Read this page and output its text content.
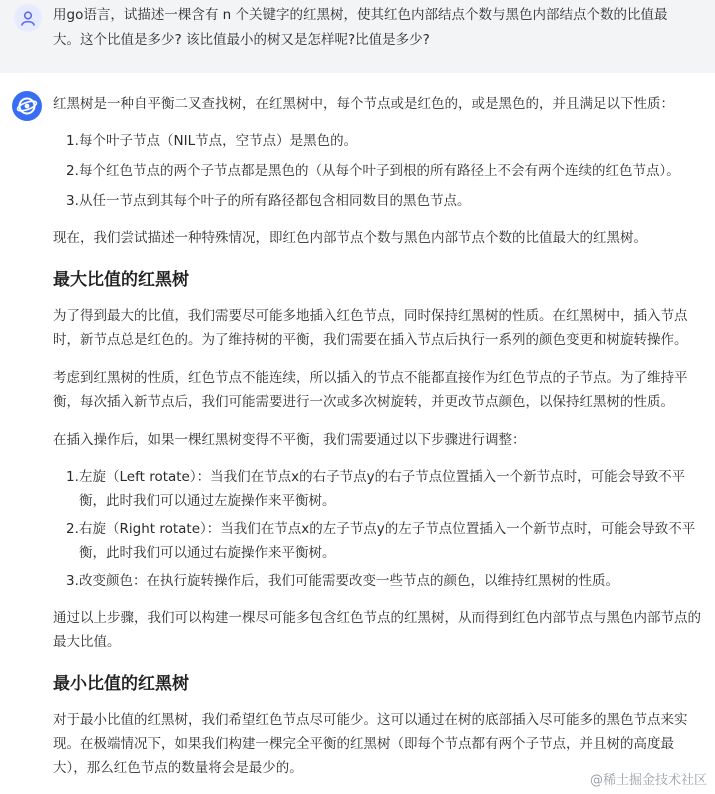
用go语言，试描述一棵含有 n 个关键字的红黑树，使其红色内部结点个数与黑色内部结点个数的比值最大。这个比值是多少? 该比值最小的树又是怎样呢?比值是多少?

红黑树是一种自平衡二叉查找树，在红黑树中，每个节点或是红色的，或是黑色的，并且满足以下性质：

1. 每个叶子节点（NIL节点，空节点）是黑色的。
2. 每个红色节点的两个子节点都是黑色的（从每个叶子到根的所有路径上不会有两个连续的红色节点）。
3. 从任一节点到其每个叶子的所有路径都包含相同数目的黑色节点。

现在，我们尝试描述一种特殊情况，即红色内部节点个数与黑色内部节点个数的比值最大的红黑树。

最大比值的红黑树

为了得到最大的比值，我们需要尽可能多地插入红色节点，同时保持红黑树的性质。在红黑树中，插入节点时，新节点总是红色的。为了维持树的平衡，我们需要在插入节点后执行一系列的颜色变更和树旋转操作。

考虑到红黑树的性质，红色节点不能连续，所以插入的节点不能都直接作为红色节点的子节点。为了维持平衡，每次插入新节点后，我们可能需要进行一次或多次树旋转，并更改节点颜色，以保持红黑树的性质。

在插入操作后，如果一棵红黑树变得不平衡，我们需要通过以下步骤进行调整：

1. 左旋（Left rotate）：当我们在节点x的右子节点y的右子节点位置插入一个新节点时，可能会导致不平衡，此时我们可以通过左旋操作来平衡树。
2. 右旋（Right rotate）：当我们在节点x的左子节点y的左子节点位置插入一个新节点时，可能会导致不平衡，此时我们可以通过右旋操作来平衡树。
3. 改变颜色：在执行旋转操作后，我们可能需要改变一些节点的颜色，以维持红黑树的性质。

通过以上步骤，我们可以构建一棵尽可能多包含红色节点的红黑树，从而得到红色内部节点与黑色内部节点的最大比值。

最小比值的红黑树

对于最小比值的红黑树，我们希望红色节点尽可能少。这可以通过在树的底部插入尽可能多的黑色节点来实现。在极端情况下，如果我们构建一棵完全平衡的红黑树（即每个节点都有两个子节点，并且树的高度最大），那么红色节点的数量将会是最少的。

@稀土掘金技术社区
